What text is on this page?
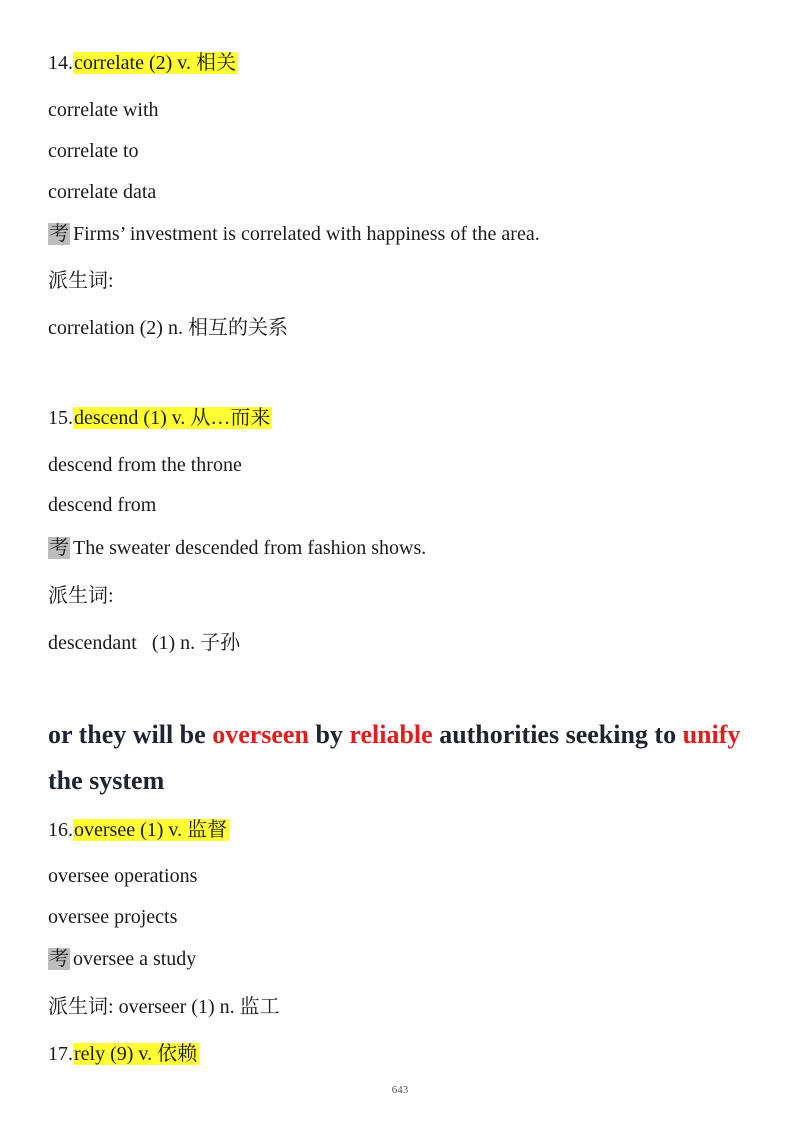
14.correlate (2) v. 相关
correlate with
correlate to
correlate data
考 Firms’ investment is correlated with happiness of the area.
派生词:
correlation (2) n. 相互的关系
15.descend (1) v. 从…而来
descend from the throne
descend from
考 The sweater descended from fashion shows.
派生词:
descendant   (1) n. 子孙
or they will be overseen by reliable authorities seeking to unify the system
16.oversee (1) v. 监督
oversee operations
oversee projects
考 oversee a study
派生词: overseer (1) n. 监工
17.rely (9) v. 依赖
643
